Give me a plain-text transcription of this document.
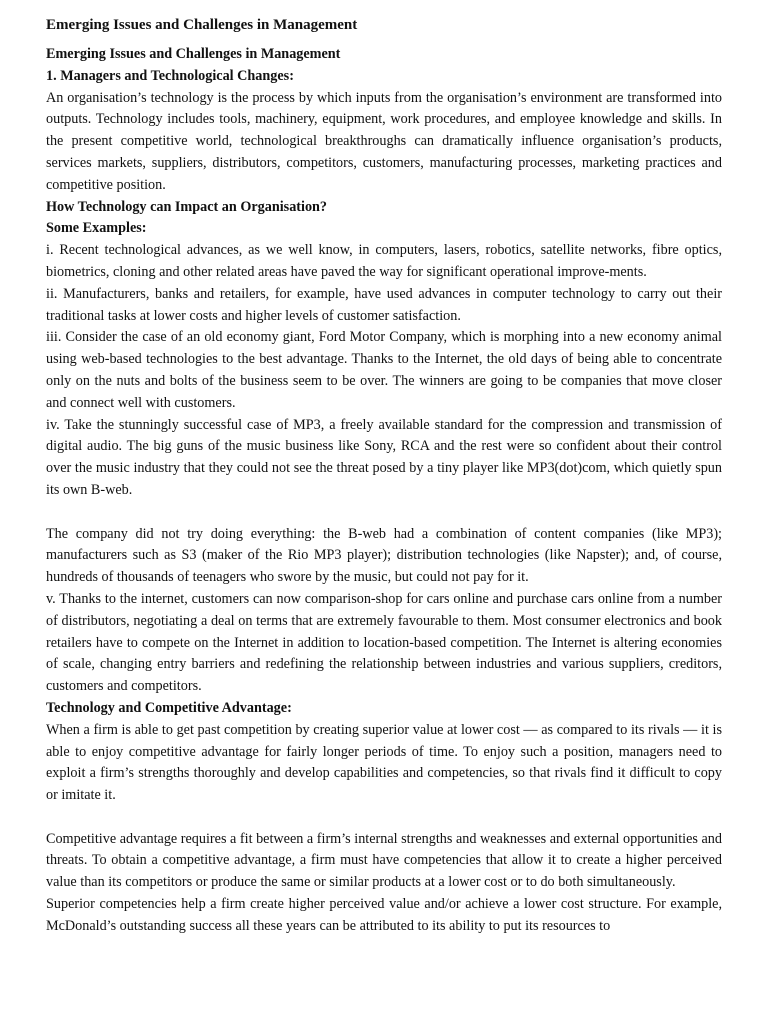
Emerging Issues and Challenges in Management
Emerging Issues and Challenges in Management
1. Managers and Technological Changes:

An organisation’s technology is the process by which inputs from the organisation’s environment are transformed into outputs. Technology includes tools, machinery, equipment, work procedures, and employee knowledge and skills. In the present competitive world, technological breakthroughs can dramatically influence organisation’s products, services markets, suppliers, distributors, competitors, customers, manufacturing processes, marketing practices and competitive position.

How Technology can Impact an Organisation?
Some Examples:

i. Recent technological advances, as we well know, in computers, lasers, robotics, satellite networks, fibre optics, biometrics, cloning and other related areas have paved the way for significant operational improve-ments.

ii. Manufacturers, banks and retailers, for example, have used advances in computer technology to carry out their traditional tasks at lower costs and higher levels of customer satisfaction.

iii. Consider the case of an old economy giant, Ford Motor Company, which is morphing into a new economy animal using web-based technologies to the best advantage. Thanks to the Internet, the old days of being able to concentrate only on the nuts and bolts of the business seem to be over. The winners are going to be companies that move closer and connect well with customers.

iv. Take the stunningly successful case of MP3, a freely available standard for the compression and transmission of digital audio. The big guns of the music business like Sony, RCA and the rest were so confident about their control over the music industry that they could not see the threat posed by a tiny player like MP3(dot)com, which quietly spun its own B-web.

The company did not try doing everything: the B-web had a combination of content companies (like MP3); manufacturers such as S3 (maker of the Rio MP3 player); distribution technologies (like Napster); and, of course, hundreds of thousands of teenagers who swore by the music, but could not pay for it.

v. Thanks to the internet, customers can now comparison-shop for cars online and purchase cars online from a number of distributors, negotiating a deal on terms that are extremely favourable to them. Most consumer electronics and book retailers have to compete on the Internet in addition to location-based competition. The Internet is altering economies of scale, changing entry barriers and redefining the relationship between industries and various suppliers, creditors, customers and competitors.

Technology and Competitive Advantage:

When a firm is able to get past competition by creating superior value at lower cost — as compared to its rivals — it is able to enjoy competitive advantage for fairly longer periods of time. To enjoy such a position, managers need to exploit a firm’s strengths thoroughly and develop capabilities and competencies, so that rivals find it difficult to copy or imitate it.

Competitive advantage requires a fit between a firm’s internal strengths and weaknesses and external opportunities and threats. To obtain a competitive advantage, a firm must have competencies that allow it to create a higher perceived value than its competitors or produce the same or similar products at a lower cost or to do both simultaneously.

Superior competencies help a firm create higher perceived value and/or achieve a lower cost structure. For example, McDonald’s outstanding success all these years can be attributed to its ability to put its resources to
